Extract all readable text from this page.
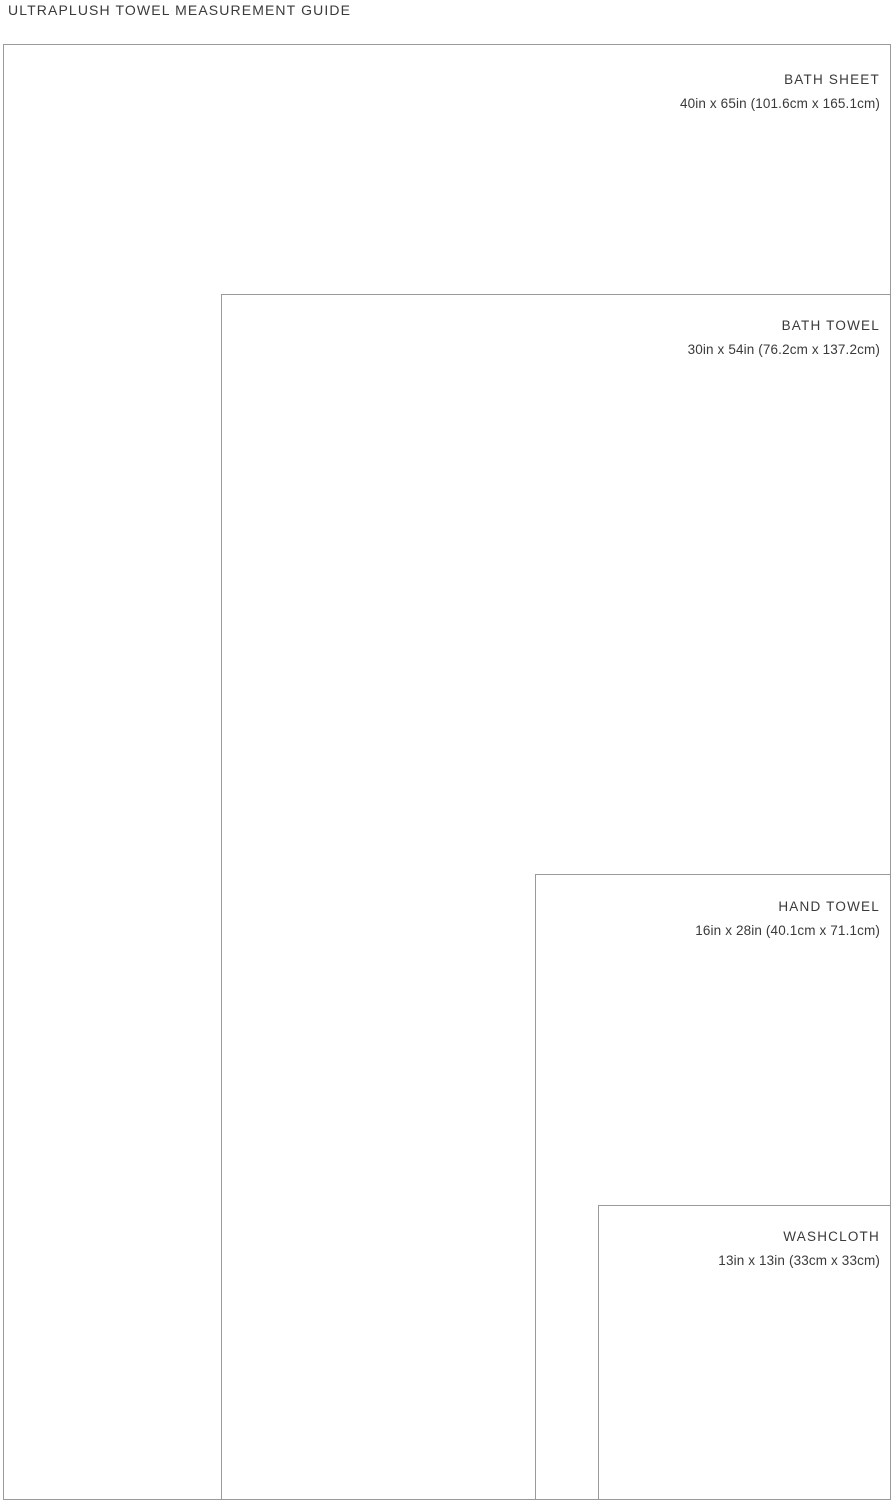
ULTRAPLUSH TOWEL MEASUREMENT GUIDE
BATH SHEET
40in x 65in (101.6cm x 165.1cm)
BATH TOWEL
30in x 54in (76.2cm x 137.2cm)
HAND TOWEL
16in x 28in (40.1cm x 71.1cm)
WASHCLOTH
13in x 13in (33cm x 33cm)
